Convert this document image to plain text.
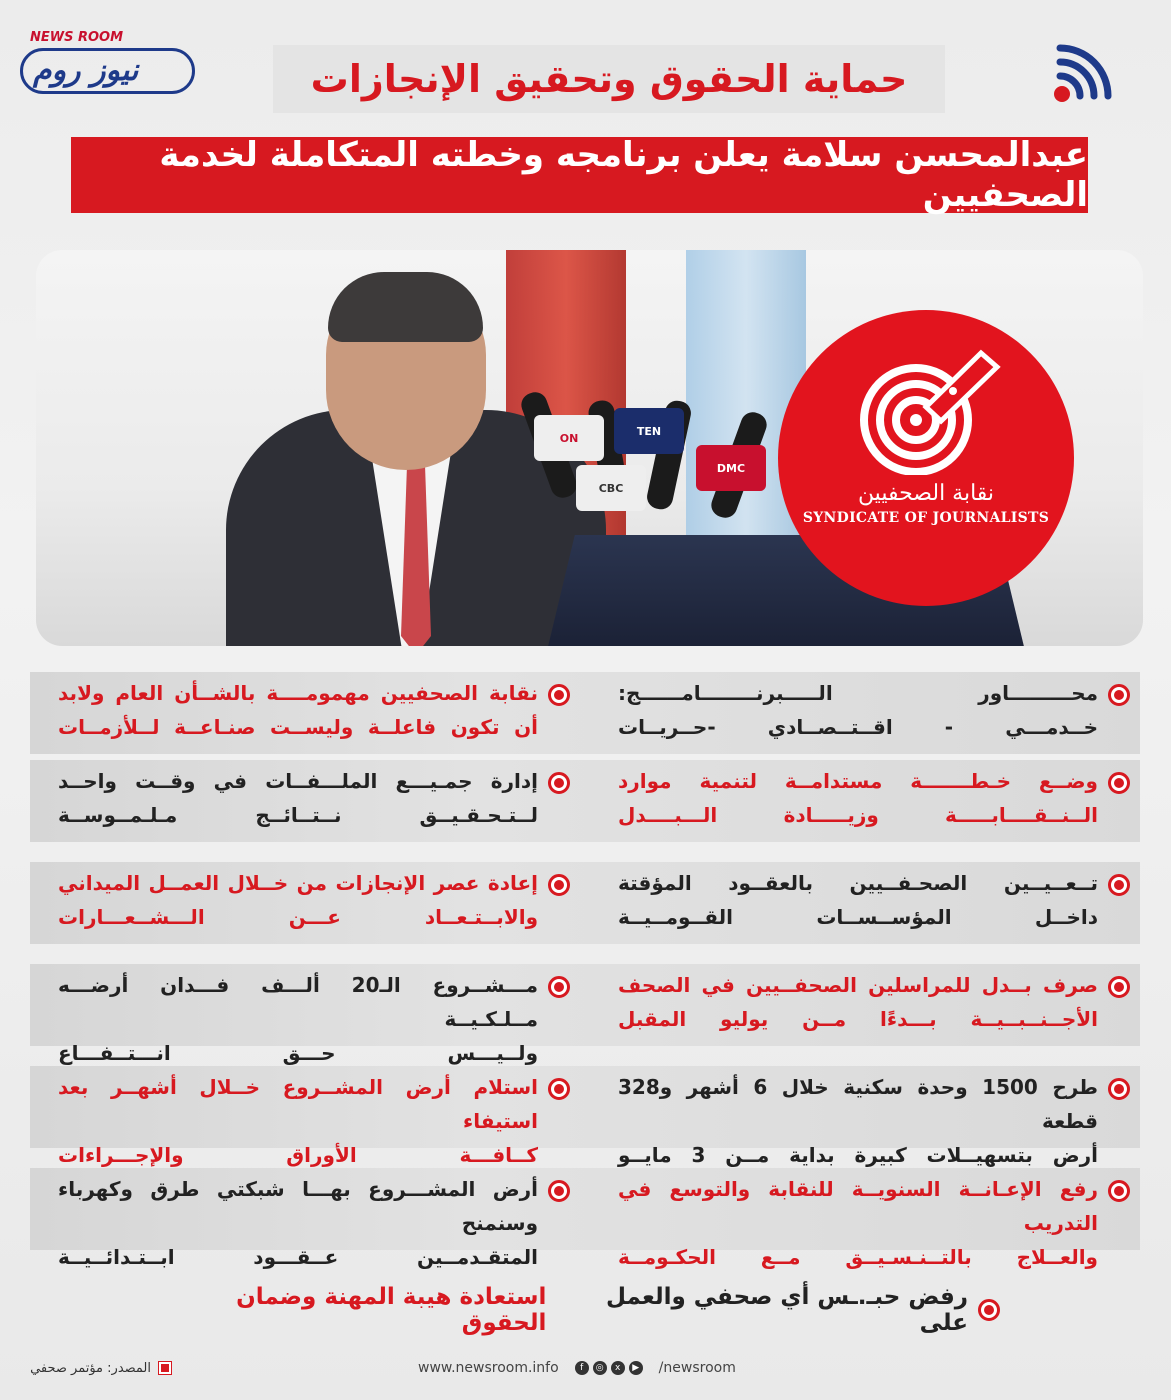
NEWS ROOM
نيوز روم	حماية الحقوق وتحقيق الإنجازات
عبدالمحسن سلامة يعلن برنامجه وخطته المتكاملة لخدمة الصحفيين
ON
TEN
CBC
DMC
نقابة الصحفيين
SYNDICATE OF JOURNALISTS
محـــــــــاور الـــــبرنــــــــامــــــج:
خــدمـــي - اقــتــصــادي -حــريــات
نقابة الصحفيين مهمومــــة بالشــأن العام ولابد
أن تكون فاعلــة وليســت صنـاعــة لــلأزمــات
وضــع خـطـــــــة مستدامــة لتنمية موارد
الــنــقــــابـــــة وزيـــــادة الـــبــــدل
إدارة جمـيـــع الملـــفــات في وقــت واحــد
لــتـحـقـيــق نــتــائــج مـلـمــوســة
تــعــيــين الصحـفــيين بالعقــود المؤقتة
داخــل المؤســســات القــومــيــة
إعادة عصر الإنجازات من خــلال العمــل الميداني
والابــتـعــاد عـــن الـــشــعـــارات
صرف بــدل للمراسلين الصحفــيين في الصحف
الأجــنــبــيــة بـــدءًا مــن يوليو المقبل
مـــشــروع الـ20 ألـــف فـــدان أرضـــه مــلـكـيــة
ولــيـــس حـــق انـــتــفـــاع
طرح 1500 وحدة سكنية خلال 6 أشهر و328 قطعة
أرض بتسهيــلات كبيرة بداية مــن 3 مايــو
استلام أرض المشــروع خــلال أشهــر بعد استيفاء
كــافـــة الأوراق والإجـــراءات
رفع الإعـانــة السنويــة للنقابة والتوسع في التدريب
والعــلاج بالتــنـسـيــق مــع الحكـومــة
أرض المشـــروع بهـــا شبكتي طرق وكهرباء وسنمنح
المتقـدمــين عــقـــود ابــتـدائــيــة
رفض حبـ.ـس أي صحفي والعمل على
استعادة هيبة المهنة وضمان الحقوق
المصدر: مؤتمر صحفي	www.newsroom.info	f	◎	x	▶ /newsroom
